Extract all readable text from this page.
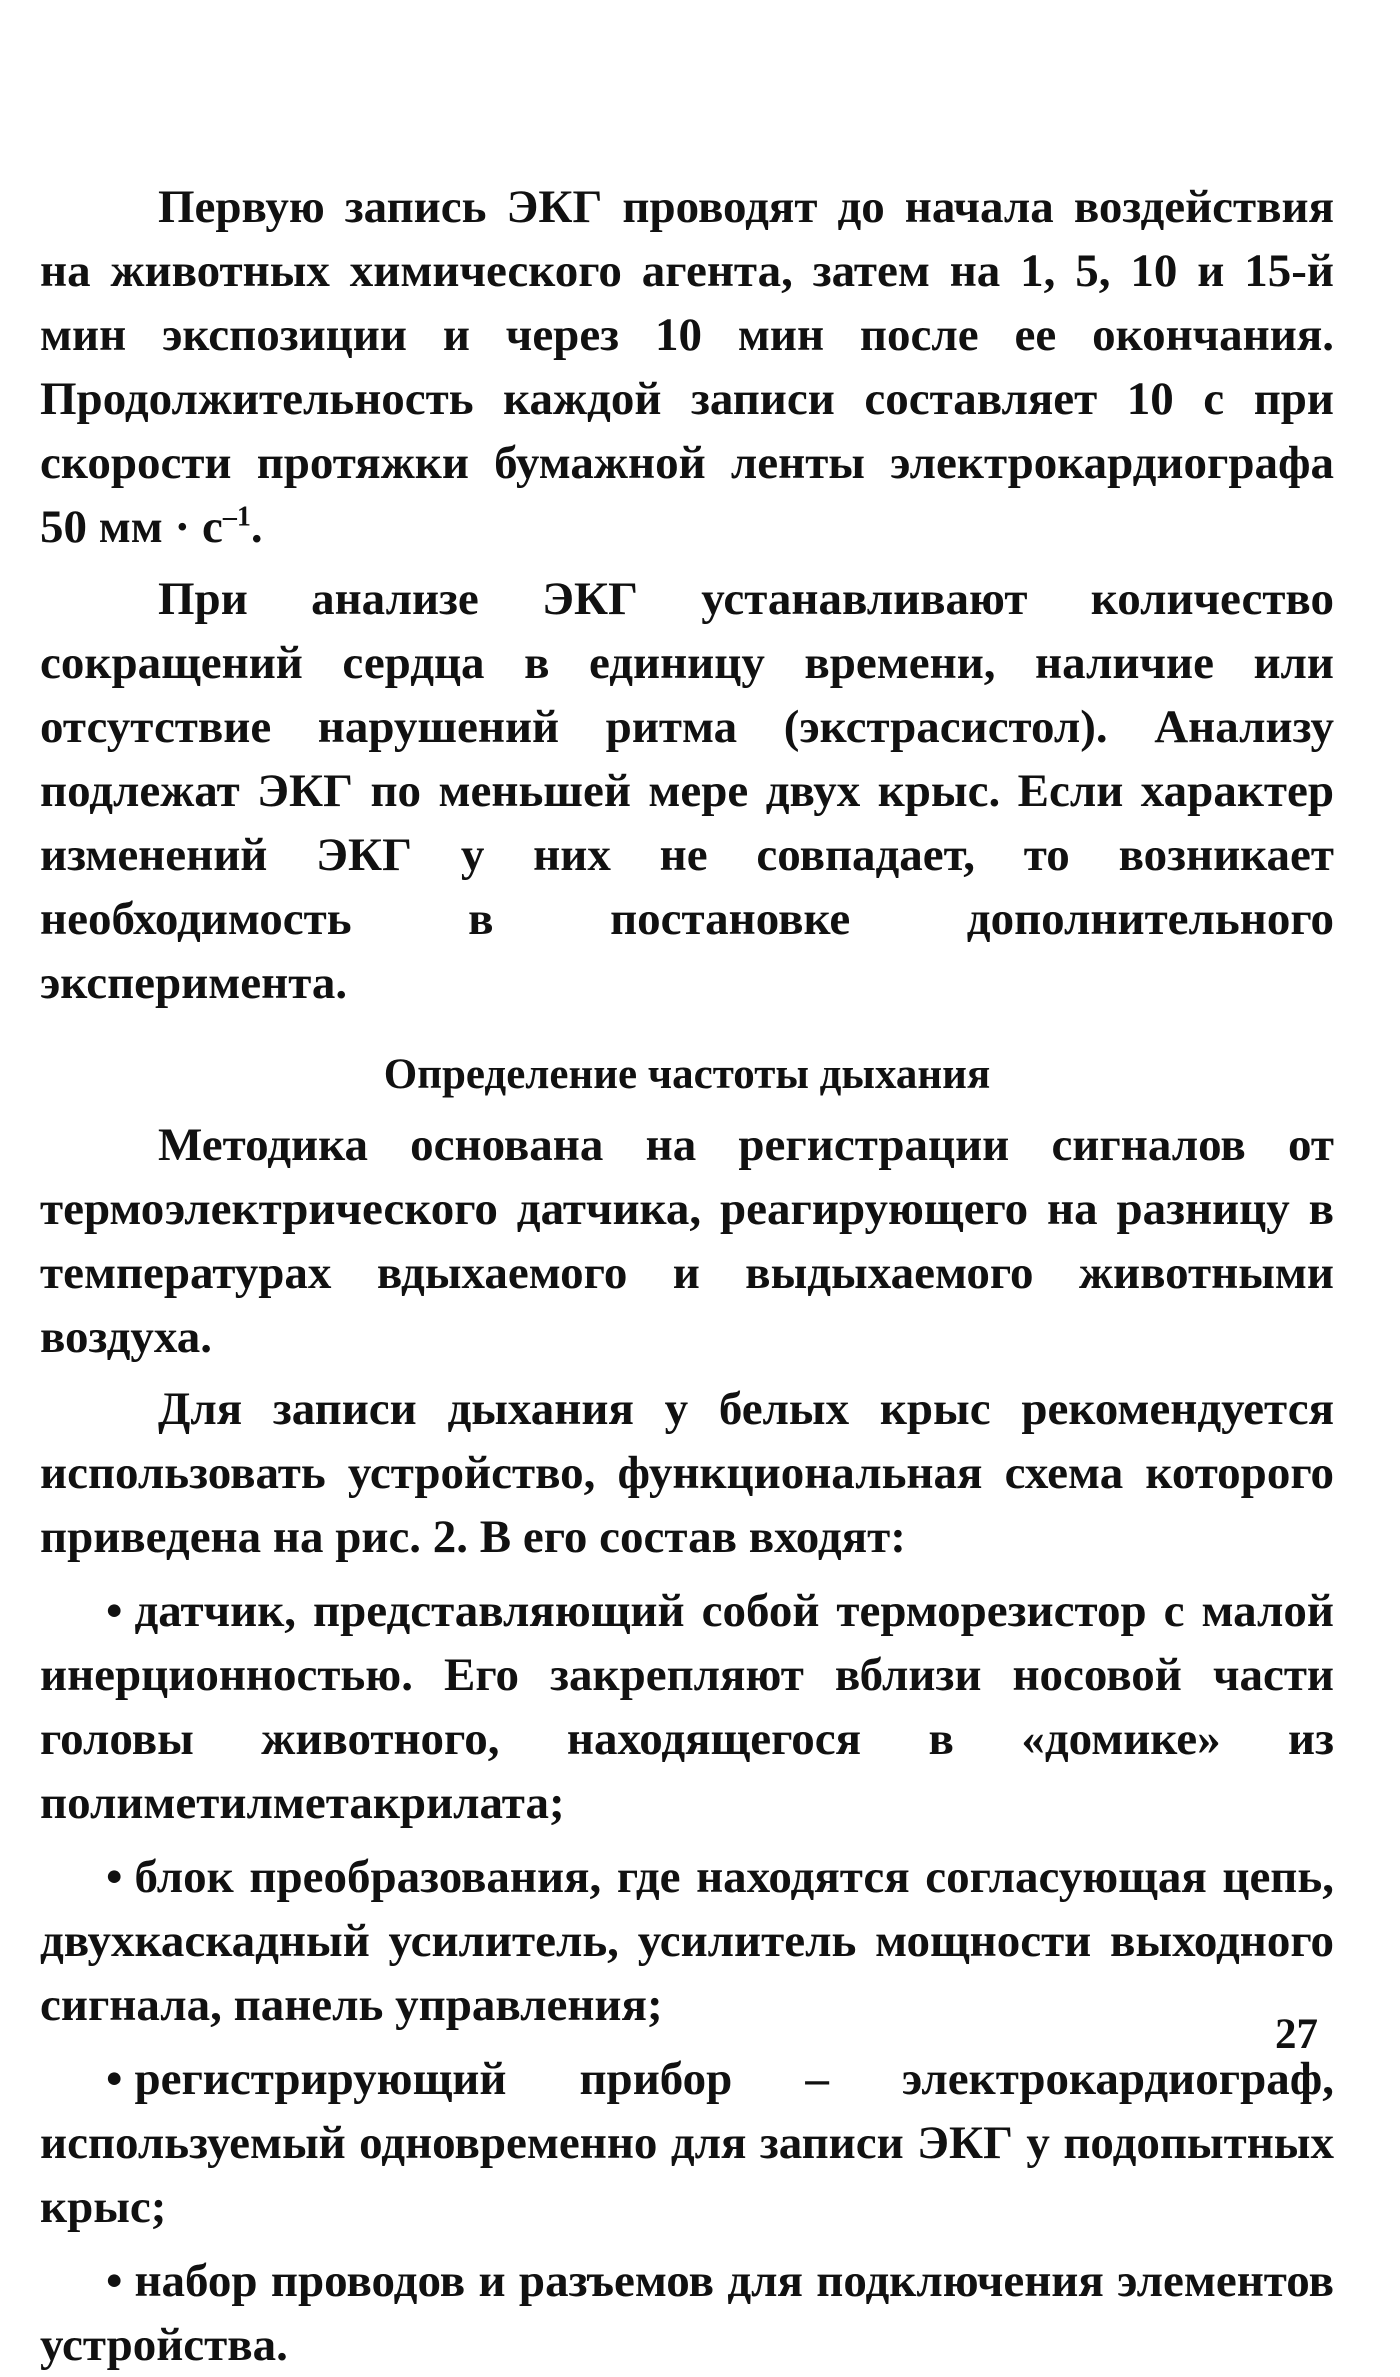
Первую запись ЭКГ проводят до начала воздействия на животных химического агента, затем на 1, 5, 10 и 15-й мин экспозиции и через 10 мин после ее окончания. Продолжительность каждой записи составляет 10 с при скорости протяжки бумажной ленты электрокардиографа 50 мм · $с^{-1}$.

При анализе ЭКГ устанавливают количество сокращений сердца в единицу времени, наличие или отсутствие нарушений ритма (экстрасистол). Анализу подлежат ЭКГ по меньшей мере двух крыс. Если характер изменений ЭКГ у них не совпадает, то возникает необходимость в постановке дополнительного эксперимента.

Определение частоты дыхания

Методика основана на регистрации сигналов от термоэлектрического датчика, реагирующего на разницу в температурах вдыхаемого и выдыхаемого животными воздуха.

Для записи дыхания у белых крыс рекомендуется использовать устройство, функциональная схема которого приведена на рис. 2. В его состав входят:

• датчик, представляющий собой терморезистор с малой инерционностью. Его закрепляют вблизи носовой части головы животного, находящегося в «домике» из полиметилметакрилата;

• блок преобразования, где находятся согласующая цепь, двухкаскадный усилитель, усилитель мощности выходного сигнала, панель управления;

• регистрирующий прибор – электрокардиограф, используемый одновременно для записи ЭКГ у подопытных крыс;

• набор проводов и разъемов для подключения элементов устройства.

27
